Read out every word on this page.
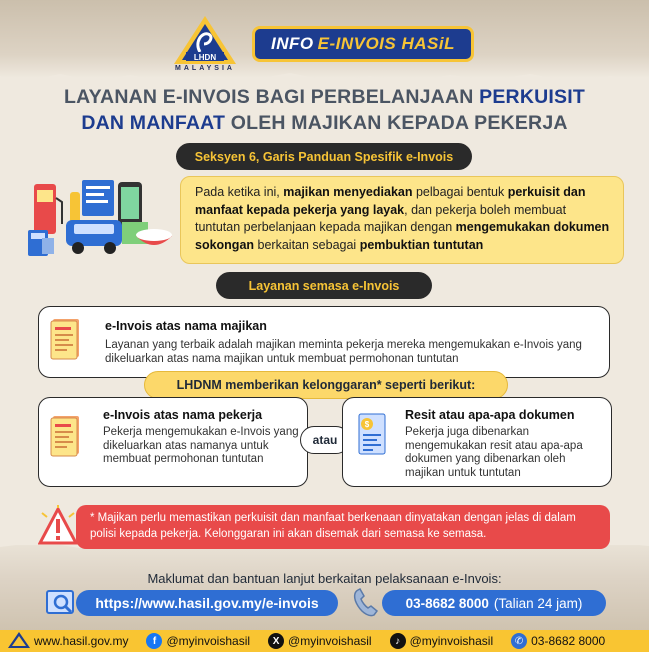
LHDN
MALAYSIA
INFO E-INVOIS HASiL
LAYANAN E-INVOIS BAGI PERBELANJAAN PERKUISIT
DAN MANFAAT OLEH MAJIKAN KEPADA PEKERJA
Seksyen 6, Garis Panduan Spesifik e-Invois
Pada ketika ini, majikan menyediakan pelbagai bentuk perkuisit dan manfaat kepada pekerja yang layak, dan pekerja boleh membuat tuntutan perbelanjaan kepada majikan dengan mengemukakan dokumen sokongan berkaitan sebagai pembuktian tuntutan
Layanan semasa e-Invois
e-Invois atas nama majikan
Layanan yang terbaik adalah majikan meminta pekerja mereka mengemukakan e-Invois yang dikeluarkan atas nama majikan untuk membuat permohonan tuntutan
LHDNM memberikan kelonggaran* seperti berikut:
e-Invois atas nama pekerja
Pekerja mengemukakan e-Invois yang dikeluarkan atas namanya untuk membuat permohonan tuntutan
atau
$
Resit atau apa-apa dokumen
Pekerja juga dibenarkan mengemukakan resit atau apa-apa dokumen yang dibenarkan oleh majikan untuk tuntutan
* Majikan perlu memastikan perkuisit dan manfaat berkenaan dinyatakan dengan jelas di dalam polisi kepada pekerja. Kelonggaran ini akan disemak dari semasa ke semasa.
Maklumat dan bantuan lanjut berkaitan pelaksanaan e-Invois:
https://www.hasil.gov.my/e-invois	03-8682 8000 (Talian 24 jam)
www.hasil.gov.my	f @myinvoishasil	X @myinvoishasil	♪ @myinvoishasil	✆ 03-8682 8000
